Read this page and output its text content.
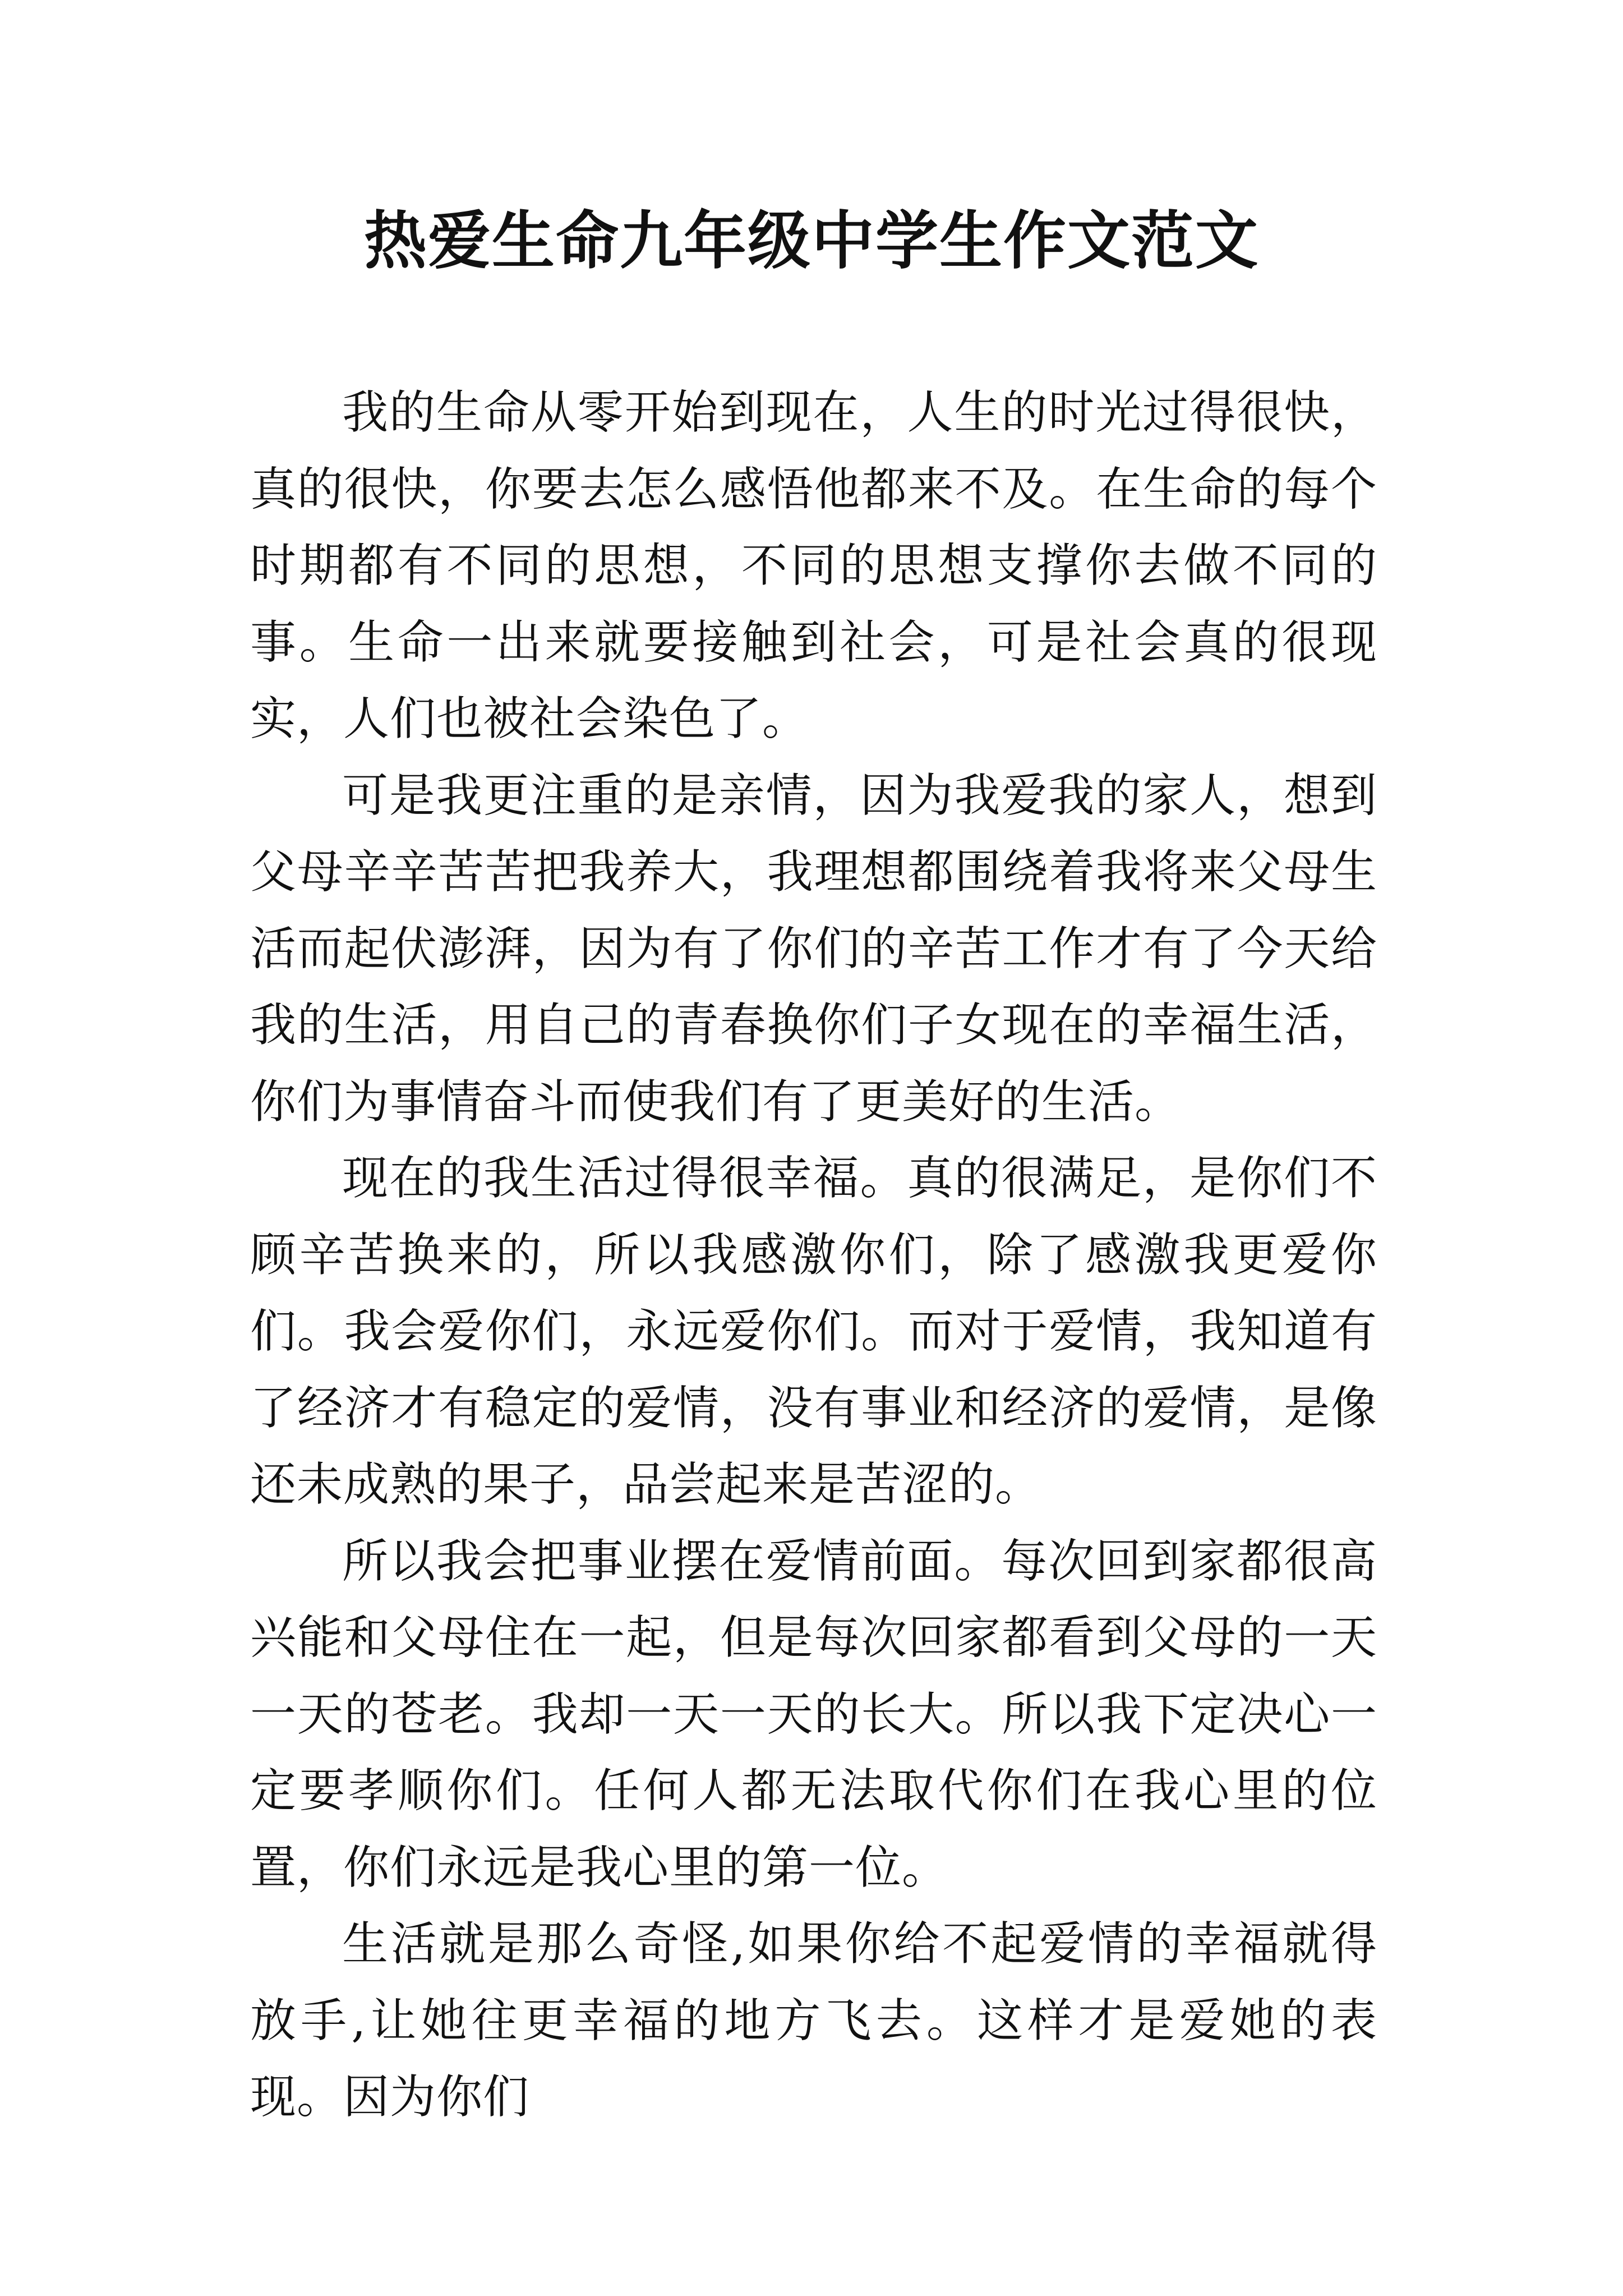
热爱生命九年级中学生作文范文

我的生命从零开始到现在，人生的时光过得很快，真的很快，你要去怎么感悟他都来不及。在生命的每个时期都有不同的思想，不同的思想支撑你去做不同的事。生命一出来就要接触到社会，可是社会真的很现实，人们也被社会染色了。

可是我更注重的是亲情，因为我爱我的家人，想到父母辛辛苦苦把我养大，我理想都围绕着我将来父母生活而起伏澎湃，因为有了你们的辛苦工作才有了今天给我的生活，用自己的青春换你们子女现在的幸福生活，你们为事情奋斗而使我们有了更美好的生活。

现在的我生活过得很幸福。真的很满足，是你们不顾辛苦换来的，所以我感激你们，除了感激我更爱你们。我会爱你们，永远爱你们。而对于爱情，我知道有了经济才有稳定的爱情，没有事业和经济的爱情，是像还未成熟的果子，品尝起来是苦涩的。

所以我会把事业摆在爱情前面。每次回到家都很高兴能和父母住在一起，但是每次回家都看到父母的一天一天的苍老。我却一天一天的长大。所以我下定决心一定要孝顺你们。任何人都无法取代你们在我心里的位置，你们永远是我心里的第一位。

生活就是那么奇怪,如果你给不起爱情的幸福就得放手,让她往更幸福的地方飞去。这样才是爱她的表现。因为你们
